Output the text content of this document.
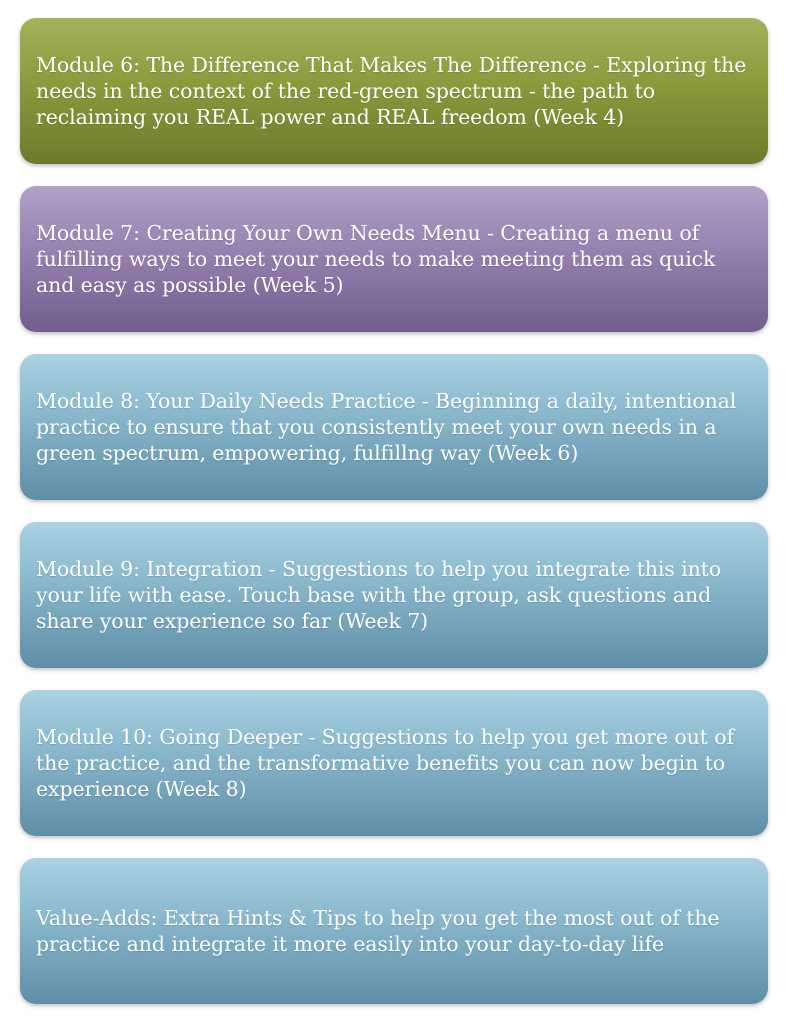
Module 6: The Difference That Makes The Difference - Exploring the needs in the context of the red-green spectrum - the path to reclaiming you REAL power and REAL freedom (Week 4)
Module 7: Creating Your Own Needs Menu - Creating a menu of fulfilling ways to meet your needs to make meeting them as quick and easy as possible (Week 5)
Module 8: Your Daily Needs Practice - Beginning a daily, intentional practice to ensure that you consistently meet your own needs in a green spectrum, empowering, fulfillng way (Week 6)
Module 9: Integration - Suggestions to help you integrate this into your life with ease. Touch base with the group, ask questions and share your experience so far (Week 7)
Module 10: Going Deeper - Suggestions to help you get more out of the practice, and the transformative benefits you can now begin to experience (Week 8)
Value-Adds: Extra Hints & Tips to help you get the most out of the practice and integrate it more easily into your day-to-day life
